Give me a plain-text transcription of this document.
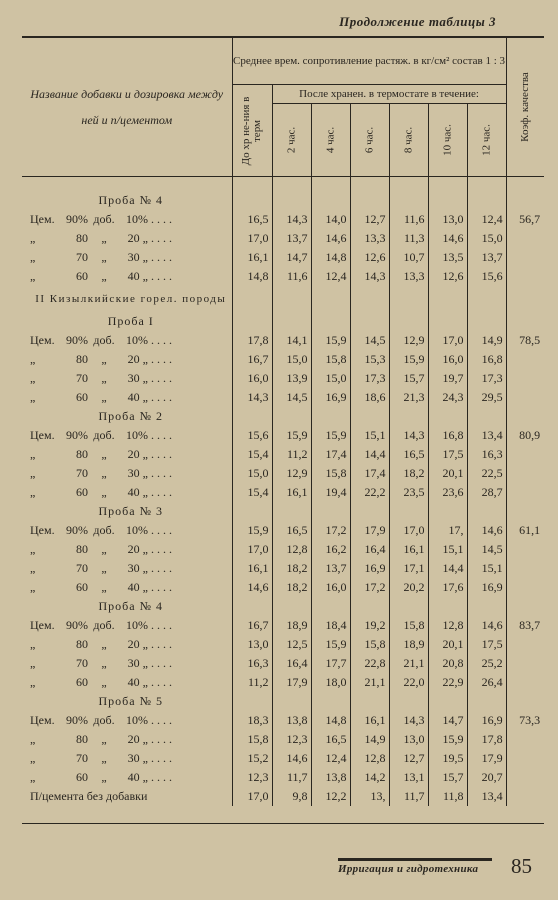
Продолжение таблицы 3
Название добавки и дозировка между ней и п/цементом	Среднее врем. сопротивление растяж. в кг/см² состав 1 : 3							Коэф. качества

	До хр не-ния в терм	После хранен. в термостате в течение:						

		2 час.	4 час.	6 час.	8 час.	10 час.	12 час.	

Проба № 4								
Цем. 90% доб. 10% . . . .	16,5	14,3	14,0	12,7	11,6	13,0	12,4	56,7
„ 80 „ 20 „ . . . .	17,0	13,7	14,6	13,3	11,3	14,6	15,0	
„ 70 „ 30 „ . . . .	16,1	14,7	14,8	12,6	10,7	13,5	13,7	
„ 60 „ 40 „ . . . .	14,8	11,6	12,4	14,3	13,3	12,6	15,6	
II Кизылкийские горел. породы								
Проба I								
Цем. 90% доб. 10% . . . .	17,8	14,1	15,9	14,5	12,9	17,0	14,9	78,5
„ 80 „ 20 „ . . . .	16,7	15,0	15,8	15,3	15,9	16,0	16,8	
„ 70 „ 30 „ . . . .	16,0	13,9	15,0	17,3	15,7	19,7	17,3	
„ 60 „ 40 „ . . . .	14,3	14,5	16,9	18,6	21,3	24,3	29,5	
Проба № 2								
Цем. 90% доб. 10% . . . .	15,6	15,9	15,9	15,1	14,3	16,8	13,4	80,9
„ 80 „ 20 „ . . . .	15,4	11,2	17,4	14,4	16,5	17,5	16,3	
„ 70 „ 30 „ . . . .	15,0	12,9	15,8	17,4	18,2	20,1	22,5	
„ 60 „ 40 „ . . . .	15,4	16,1	19,4	22,2	23,5	23,6	28,7	
Проба № 3								
Цем. 90% доб. 10% . . . .	15,9	16,5	17,2	17,9	17,0	17,	14,6	61,1
„ 80 „ 20 „ . . . .	17,0	12,8	16,2	16,4	16,1	15,1	14,5	
„ 70 „ 30 „ . . . .	16,1	18,2	13,7	16,9	17,1	14,4	15,1	
„ 60 „ 40 „ . . . .	14,6	18,2	16,0	17,2	20,2	17,6	16,9	
Проба № 4								
Цем. 90% доб. 10% . . . .	16,7	18,9	18,4	19,2	15,8	12,8	14,6	83,7
„ 80 „ 20 „ . . . .	13,0	12,5	15,9	15,8	18,9	20,1	17,5	
„ 70 „ 30 „ . . . .	16,3	16,4	17,7	22,8	21,1	20,8	25,2	
„ 60 „ 40 „ . . . .	11,2	17,9	18,0	21,1	22,0	22,9	26,4	
Проба № 5								
Цем. 90% доб. 10% . . . .	18,3	13,8	14,8	16,1	14,3	14,7	16,9	73,3
„ 80 „ 20 „ . . . .	15,8	12,3	16,5	14,9	13,0	15,9	17,8	
„ 70 „ 30 „ . . . .	15,2	14,6	12,4	12,8	12,7	19,5	17,9	
„ 60 „ 40 „ . . . .	12,3	11,7	13,8	14,2	13,1	15,7	20,7	
П/цемента без добавки	17,0	9,8	12,2	13,	11,7	11,8	13,4	
Ирригация и гидротехника	85
